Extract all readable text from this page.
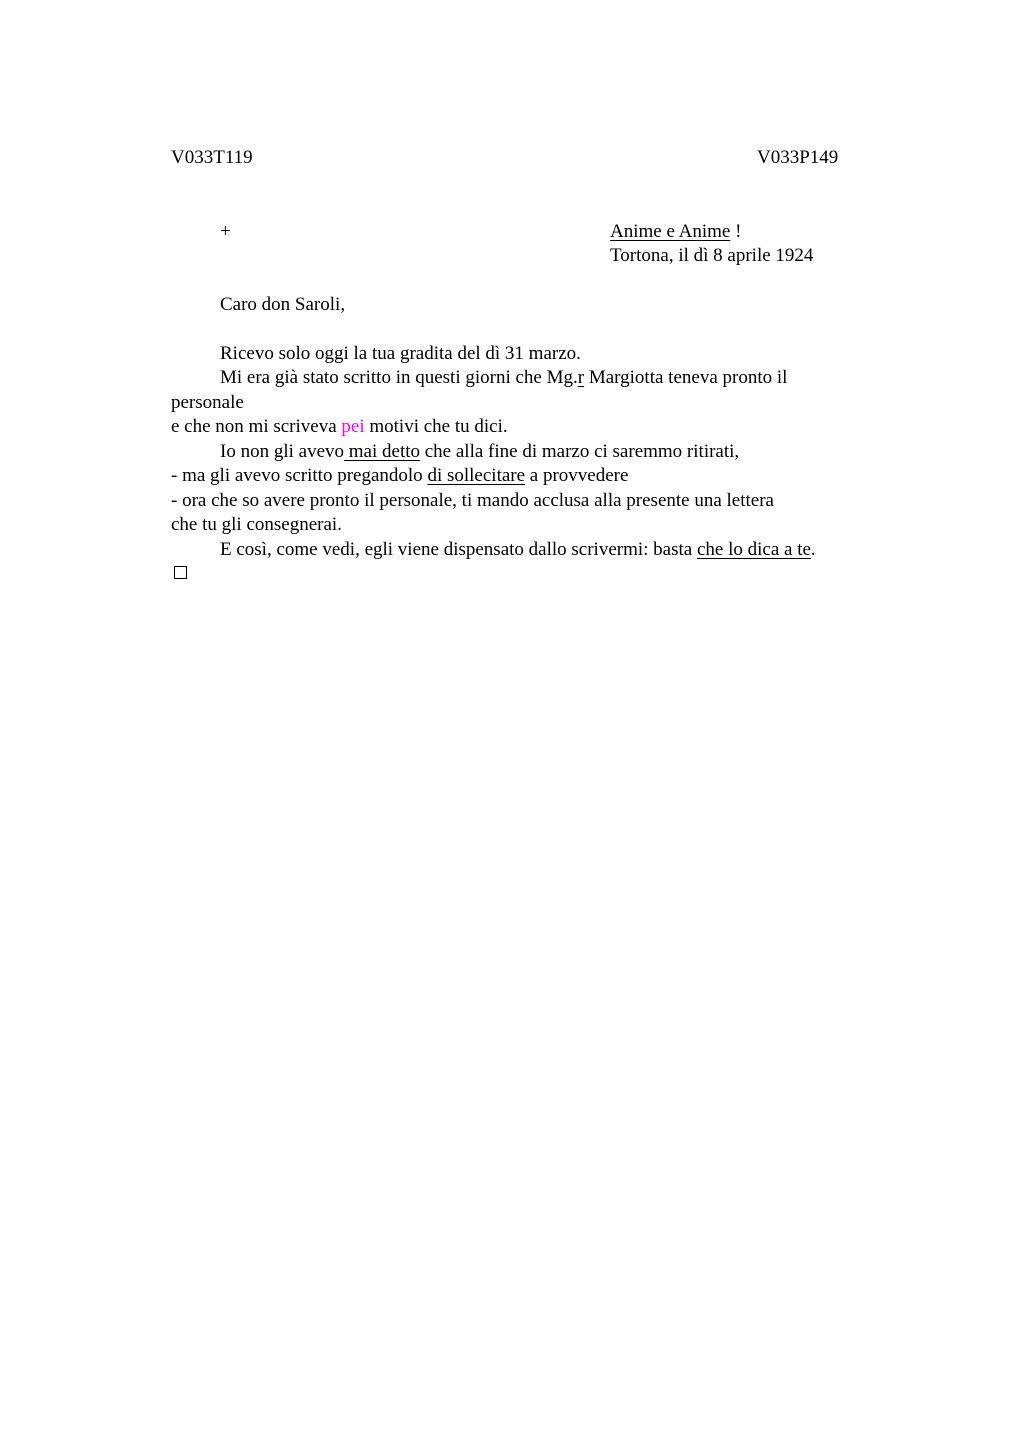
V033T119	V033P149
+	Anime e Anime !
Tortona, il dì 8 aprile 1924
Caro don Saroli,
Ricevo solo oggi la tua gradita del dì 31 marzo.
Mi era già stato scritto in questi giorni che Mg.r Margiotta teneva pronto il
personale
e che non mi scriveva pei motivi che tu dici.
Io non gli avevo mai detto che alla fine di marzo ci saremmo ritirati,
- ma gli avevo scritto pregandolo di sollecitare a provvedere
- ora che so avere pronto il personale, ti mando acclusa alla presente una lettera
che tu gli consegnerai.
E così, come vedi, egli viene dispensato dallo scrivermi: basta che lo dica a te.
